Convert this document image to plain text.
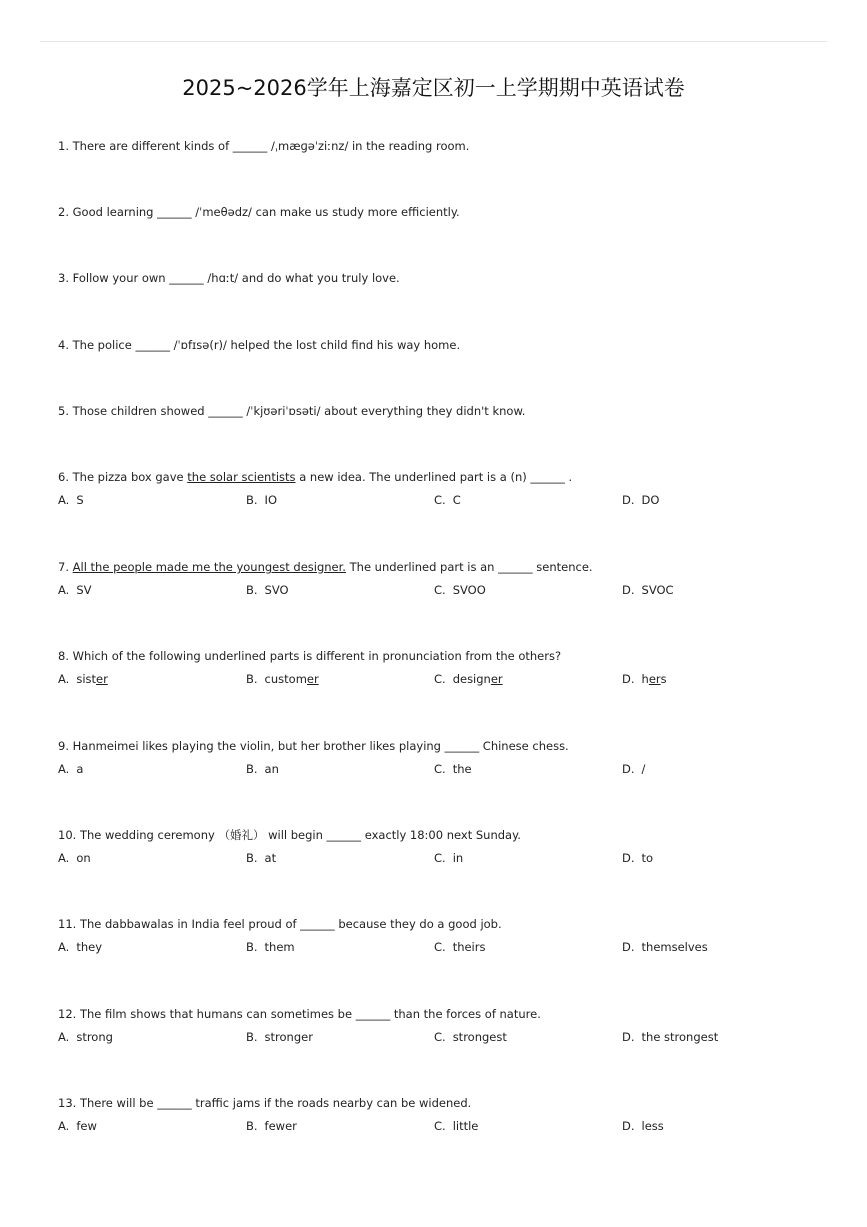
2025~2026学年上海嘉定区初一上学期期中英语试卷
1. There are different kinds of ______ /ˌmæɡəˈziːnz/ in the reading room.
2. Good learning ______ /ˈmeθədz/ can make us study more efficiently.
3. Follow your own ______ /hɑːt/ and do what you truly love.
4. The police ______ /ˈɒfɪsə(r)/ helped the lost child find his way home.
5. Those children showed ______ /ˈkjʊəriˈɒsəti/ about everything they didn't know.
6. The pizza box gave the solar scientists a new idea. The underlined part is a (n) ______ .
A. S	B. IO	C. C	D. DO
7. All the people made me the youngest designer. The underlined part is an ______ sentence.
A. SV	B. SVO	C. SVOO	D. SVOC
8. Which of the following underlined parts is different in pronunciation from the others?
A. sister	B. customer	C. designer	D. hers
9. Hanmeimei likes playing the violin, but her brother likes playing ______ Chinese chess.
A. a	B. an	C. the	D. /
10. The wedding ceremony （婚礼） will begin ______ exactly 18:00 next Sunday.
A. on	B. at	C. in	D. to
11. The dabbawalas in India feel proud of ______ because they do a good job.
A. they	B. them	C. theirs	D. themselves
12. The film shows that humans can sometimes be ______ than the forces of nature.
A. strong	B. stronger	C. strongest	D. the strongest
13. There will be ______ traffic jams if the roads nearby can be widened.
A. few	B. fewer	C. little	D. less
